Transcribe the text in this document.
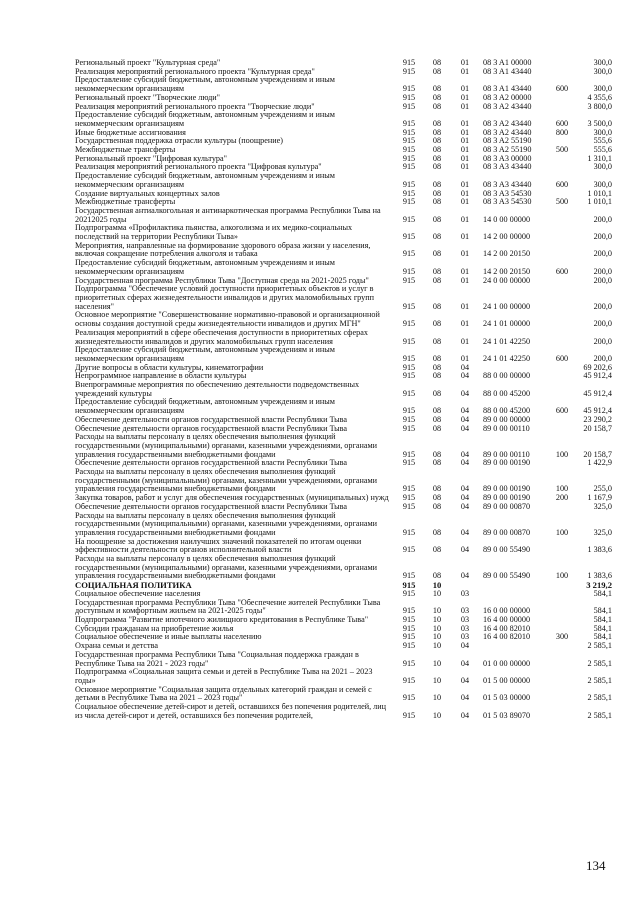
Региональный проект "Культурная среда"	915	08	01	08 3 A1 00000		300,0
Реализация мероприятий регионального проекта "Культурная среда"	915	08	01	08 3 A1 43440		300,0
Предоставление субсидий бюджетным, автономным учреждениям и иным некоммерческим организациям	915	08	01	08 3 A1 43440	600	300,0
Региональный проект "Творческие люди"	915	08	01	08 3 A2 00000		4 355,6
Реализация мероприятий регионального проекта "Творческие люди"	915	08	01	08 3 A2 43440		3 800,0
Предоставление субсидий бюджетным, автономным учреждениям и иным некоммерческим организациям	915	08	01	08 3 A2 43440	600	3 500,0
Иные бюджетные ассигнования	915	08	01	08 3 A2 43440	800	300,0
Государственная поддержка отрасли культуры (поощрение)	915	08	01	08 3 A2 55190		555,6
Межбюджетные трансферты	915	08	01	08 3 A2 55190	500	555,6
Региональный проект "Цифровая культура"	915	08	01	08 3 A3 00000		1 310,1
Реализация мероприятий регионального проекта "Цифровая культура"	915	08	01	08 3 A3 43440		300,0
Предоставление субсидий бюджетным, автономным учреждениям и иным некоммерческим организациям	915	08	01	08 3 A3 43440	600	300,0
Создание виртуальных концертных залов	915	08	01	08 3 A3 54530		1 010,1
Межбюджетные трансферты	915	08	01	08 3 A3 54530	500	1 010,1
Государственная антиалкогольная и антинаркотическая программа Республики Тыва на 20212025 годы	915	08	01	14 0 00 00000		200,0
Подпрограмма «Профилактика пьянства, алкоголизма и их медико-социальных последствий на территории Республики Тыва»	915	08	01	14 2 00 00000		200,0
Мероприятия, направленные на формирование здорового образа жизни у населения, включая сокращение потребления алкоголя и табака	915	08	01	14 2 00 20150		200,0
Предоставление субсидий бюджетным, автономным учреждениям и иным некоммерческим организациям	915	08	01	14 2 00 20150	600	200,0
Государственная программа Республики Тыва "Доступная среда на 2021-2025 годы"	915	08	01	24 0 00 00000		200,0
Подпрограмма "Обеспечение условий доступности приоритетных объектов и услуг в приоритетных сферах жизнедеятельности инвалидов и других маломобильных групп населения"	915	08	01	24 1 00 00000		200,0
Основное мероприятие "Совершенствование нормативно-правовой и организационной основы создания доступной среды жизнедеятельности инвалидов и других МГН"	915	08	01	24 1 01 00000		200,0
Реализация мероприятий в сфере обеспечения доступности в приоритетных сферах жизнедеятельности инвалидов и других маломобильных групп населения	915	08	01	24 1 01 42250		200,0
Предоставление субсидий бюджетным, автономным учреждениям и иным некоммерческим организациям	915	08	01	24 1 01 42250	600	200,0
Другие вопросы в области культуры, кинематографии	915	08	04			69 202,6
Непрограммное направление в области культуры	915	08	04	88 0 00 00000		45 912,4
Внепрограммные мероприятия по обеспечению деятельности подведомственных учреждений культуры	915	08	04	88 0 00 45200		45 912,4
Предоставление субсидий бюджетным, автономным учреждениям и иным некоммерческим организациям	915	08	04	88 0 00 45200	600	45 912,4
Обеспечение деятельности органов государственной власти Республики Тыва	915	08	04	89 0 00 00000		23 290,2
Обеспечение деятельности органов государственной власти Республики Тыва	915	08	04	89 0 00 00110		20 158,7
Расходы на выплаты персоналу в целях обеспечения выполнения функций государственными (муниципальными) органами, казенными учреждениями, органами управления государственными внебюджетными фондами	915	08	04	89 0 00 00110	100	20 158,7
Обеспечение деятельности органов государственной власти Республики Тыва	915	08	04	89 0 00 00190		1 422,9
Расходы на выплаты персоналу в целях обеспечения выполнения функций государственными (муниципальными) органами, казенными учреждениями, органами управления государственными внебюджетными фондами	915	08	04	89 0 00 00190	100	255,0
Закупка товаров, работ и услуг для обеспечения государственных (муниципальных) нужд	915	08	04	89 0 00 00190	200	1 167,9
Обеспечение деятельности органов государственной власти Республики Тыва	915	08	04	89 0 00 00870		325,0
Расходы на выплаты персоналу в целях обеспечения выполнения функций государственными (муниципальными) органами, казенными учреждениями, органами управления государственными внебюджетными фондами	915	08	04	89 0 00 00870	100	325,0
На поощрение за достижения наилучших значений показателей по итогам оценки эффективности деятельности органов исполнительной власти	915	08	04	89 0 00 55490		1 383,6
Расходы на выплаты персоналу в целях обеспечения выполнения функций государственными (муниципальными) органами, казенными учреждениями, органами управления государственными внебюджетными фондами	915	08	04	89 0 00 55490	100	1 383,6
СОЦИАЛЬНАЯ ПОЛИТИКА	915	10				3 219,2
Социальное обеспечение населения	915	10	03			584,1
Государственная программа Республики Тыва "Обеспечение жителей Республики Тыва доступным и комфортным жильем на 2021-2025 годы"	915	10	03	16 0 00 00000		584,1
Подпрограмма "Развитие ипотечного жилищного кредитования в Республике Тыва"	915	10	03	16 4 00 00000		584,1
Субсидии гражданам на приобретение жилья	915	10	03	16 4 00 82010		584,1
Социальное обеспечение и иные выплаты населению	915	10	03	16 4 00 82010	300	584,1
Охрана семьи и детства	915	10	04			2 585,1
Государственная программа Республики Тыва "Социальная поддержка граждан в Республике Тыва на 2021 - 2023 годы"	915	10	04	01 0 00 00000		2 585,1
Подпрограмма «Социальная защита семьи и детей в Республике Тыва на 2021 – 2023 годы»	915	10	04	01 5 00 00000		2 585,1
Основное мероприятие "Социальная защита отдельных категорий граждан и семей с детьми в Республике Тыва на 2021 – 2023 годы"	915	10	04	01 5 03 00000		2 585,1
Социальное обеспечение детей-сирот и детей, оставшихся без попечения родителей, лиц из числа детей-сирот и детей, оставшихся без попечения родителей,	915	10	04	01 5 03 89070		2 585,1
134
